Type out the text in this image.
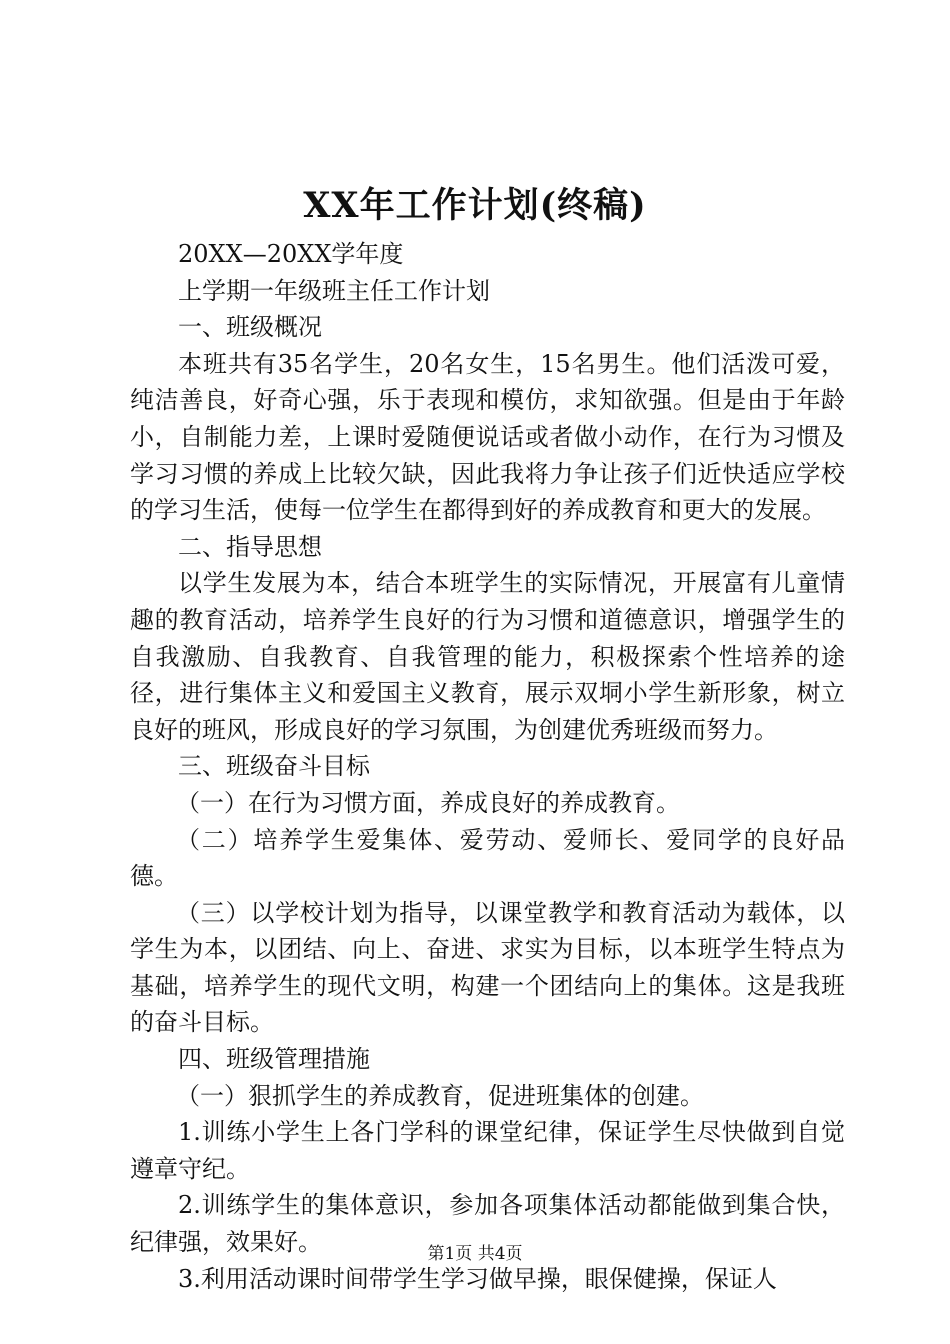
XX年工作计划(终稿)

20XX—20XX学年度

上学期一年级班主任工作计划

一、班级概况

本班共有35名学生，20名女生，15名男生。他们活泼可爱，纯洁善良，好奇心强，乐于表现和模仿，求知欲强。但是由于年龄小，自制能力差，上课时爱随便说话或者做小动作，在行为习惯及学习习惯的养成上比较欠缺，因此我将力争让孩子们近快适应学校的学习生活，使每一位学生在都得到好的养成教育和更大的发展。

二、指导思想

以学生发展为本，结合本班学生的实际情况，开展富有儿童情趣的教育活动，培养学生良好的行为习惯和道德意识，增强学生的自我激励、自我教育、自我管理的能力，积极探索个性培养的途径，进行集体主义和爱国主义教育，展示双垌小学生新形象，树立良好的班风，形成良好的学习氛围，为创建优秀班级而努力。

三、班级奋斗目标

（一）在行为习惯方面，养成良好的养成教育。

（二）培养学生爱集体、爱劳动、爱师长、爱同学的良好品德。

（三）以学校计划为指导，以课堂教学和教育活动为载体，以学生为本，以团结、向上、奋进、求实为目标，以本班学生特点为基础，培养学生的现代文明，构建一个团结向上的集体。这是我班的奋斗目标。

四、班级管理措施

（一）狠抓学生的养成教育，促进班集体的创建。

1.训练小学生上各门学科的课堂纪律，保证学生尽快做到自觉遵章守纪。

2.训练学生的集体意识，参加各项集体活动都能做到集合快，纪律强，效果好。

3.利用活动课时间带学生学习做早操，眼保健操，保证人

第1页 共4页
